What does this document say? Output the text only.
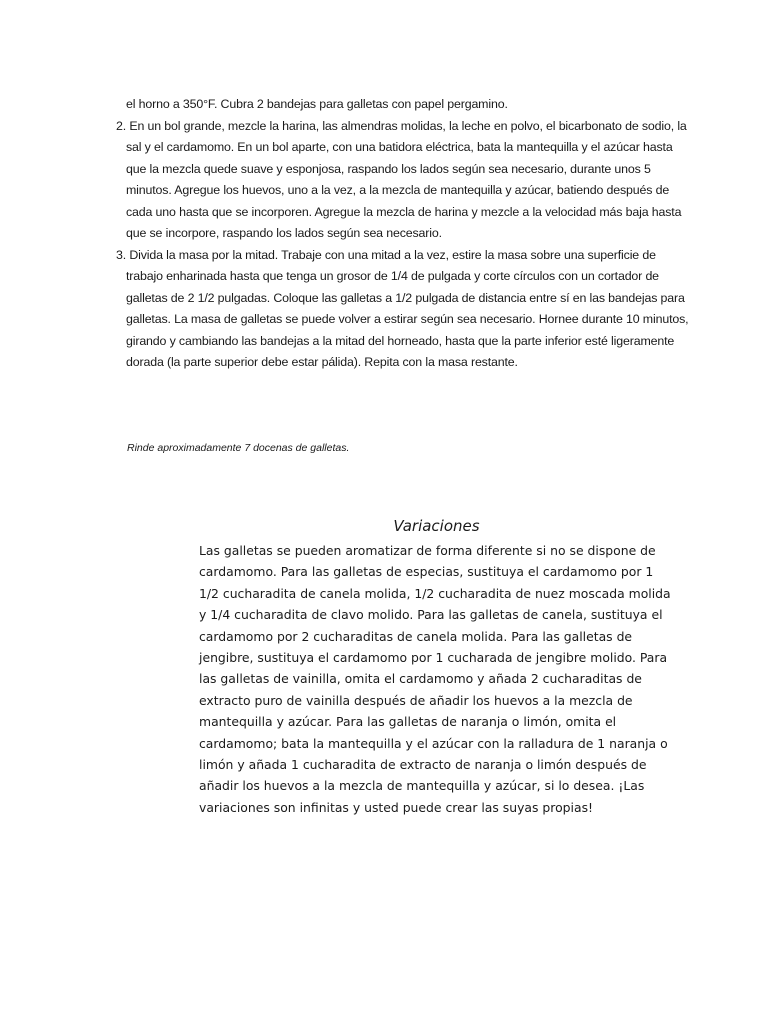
el horno a 350°F. Cubra 2 bandejas para galletas con papel pergamino.

2. En un bol grande, mezcle la harina, las almendras molidas, la leche en polvo, el bicarbonato de sodio, la sal y el cardamomo. En un bol aparte, con una batidora eléctrica, bata la mantequilla y el azúcar hasta que la mezcla quede suave y esponjosa, raspando los lados según sea necesario, durante unos 5 minutos. Agregue los huevos, uno a la vez, a la mezcla de mantequilla y azúcar, batiendo después de cada uno hasta que se incorporen. Agregue la mezcla de harina y mezcle a la velocidad más baja hasta que se incorpore, raspando los lados según sea necesario.

3. Divida la masa por la mitad. Trabaje con una mitad a la vez, estire la masa sobre una superficie de trabajo enharinada hasta que tenga un grosor de 1/4 de pulgada y corte círculos con un cortador de galletas de 2 1/2 pulgadas. Coloque las galletas a 1/2 pulgada de distancia entre sí en las bandejas para galletas. La masa de galletas se puede volver a estirar según sea necesario. Hornee durante 10 minutos, girando y cambiando las bandejas a la mitad del horneado, hasta que la parte inferior esté ligeramente dorada (la parte superior debe estar pálida). Repita con la masa restante.

Rinde aproximadamente 7 docenas de galletas.
Variaciones

Las galletas se pueden aromatizar de forma diferente si no se dispone de cardamomo. Para las galletas de especias, sustituya el cardamomo por 1 1/2 cucharadita de canela molida, 1/2 cucharadita de nuez moscada molida y 1/4 cucharadita de clavo molido. Para las galletas de canela, sustituya el cardamomo por 2 cucharaditas de canela molida. Para las galletas de jengibre, sustituya el cardamomo por 1 cucharada de jengibre molido. Para las galletas de vainilla, omita el cardamomo y añada 2 cucharaditas de extracto puro de vainilla después de añadir los huevos a la mezcla de mantequilla y azúcar. Para las galletas de naranja o limón, omita el cardamomo; bata la mantequilla y el azúcar con la ralladura de 1 naranja o limón y añada 1 cucharadita de extracto de naranja o limón después de añadir los huevos a la mezcla de mantequilla y azúcar, si lo desea. ¡Las variaciones son infinitas y usted puede crear las suyas propias!
